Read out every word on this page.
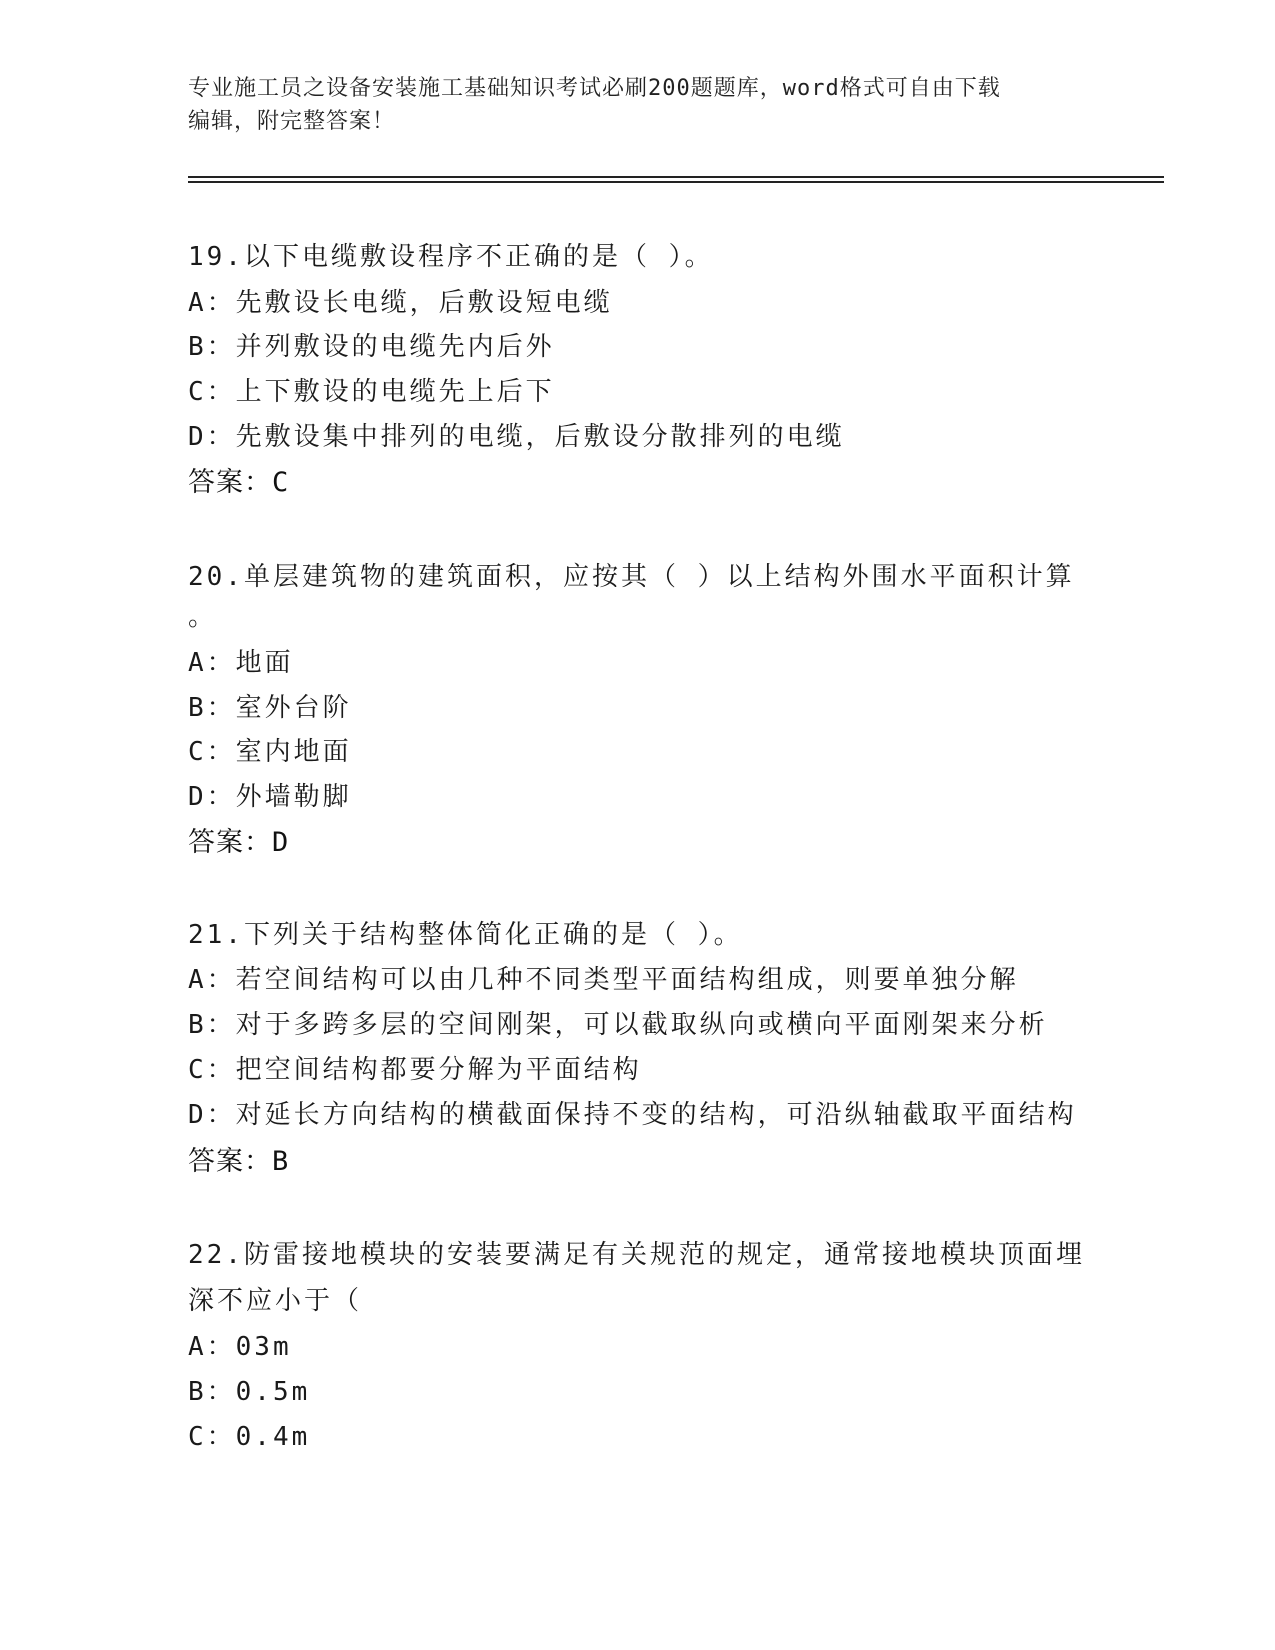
专业施工员之设备安装施工基础知识考试必刷200题题库，word格式可自由下载
编辑，附完整答案！
19.以下电缆敷设程序不正确的是（ ）。
A：先敷设长电缆，后敷设短电缆
B：并列敷设的电缆先内后外
C：上下敷设的电缆先上后下
D：先敷设集中排列的电缆，后敷设分散排列的电缆
答案：C
20.单层建筑物的建筑面积，应按其（ ）以上结构外围水平面积计算
。
A：地面
B：室外台阶
C：室内地面
D：外墙勒脚
答案：D
21.下列关于结构整体简化正确的是（ ）。
A：若空间结构可以由几种不同类型平面结构组成，则要单独分解
B：对于多跨多层的空间刚架，可以截取纵向或横向平面刚架来分析
C：把空间结构都要分解为平面结构
D：对延长方向结构的横截面保持不变的结构，可沿纵轴截取平面结构
答案：B
22.防雷接地模块的安装要满足有关规范的规定，通常接地模块顶面埋
深不应小于（
A：03m
B：0.5m
C：0.4m
